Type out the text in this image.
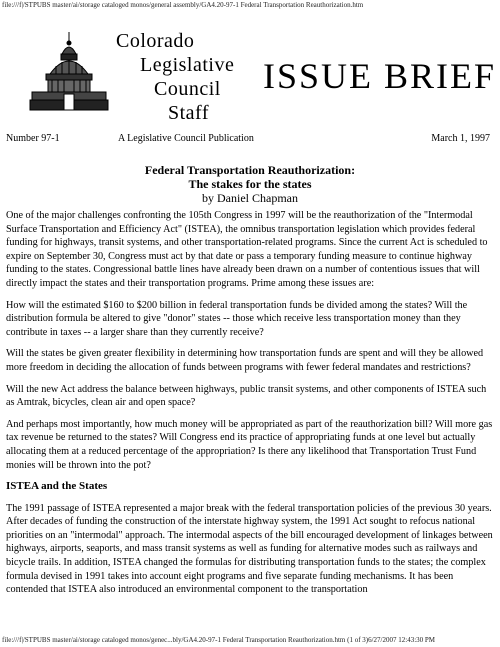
file:///f|/STPUBS master/ai/storage cataloged monos/general assembly/GA4.20-97-1 Federal Transportation Reauthorization.htm
Colorado
Legislative
Council
Staff
ISSUE BRIEF
Number 97-1	A Legislative Council Publication	March 1, 1997
Federal Transportation Reauthorization:
The stakes for the states
by Daniel Chapman

One of the major challenges confronting the 105th Congress in 1997 will be the reauthorization of the "Intermodal Surface Transportation and Efficiency Act" (ISTEA), the omnibus transportation legislation which provides federal funding for highways, transit systems, and other transportation-related programs. Since the current Act is scheduled to expire on September 30, Congress must act by that date or pass a temporary funding measure to continue highway funding to the states. Congressional battle lines have already been drawn on a number of contentious issues that will directly impact the states and their transportation programs. Prime among these issues are:

How will the estimated $160 to $200 billion in federal transportation funds be divided among the states? Will the distribution formula be altered to give "donor" states -- those which receive less transportation money than they contribute in taxes -- a larger share than they currently receive?

Will the states be given greater flexibility in determining how transportation funds are spent and will they be allowed more freedom in deciding the allocation of funds between programs with fewer federal mandates and restrictions?

Will the new Act address the balance between highways, public transit systems, and other components of ISTEA such as Amtrak, bicycles, clean air and open space?

And perhaps most importantly, how much money will be appropriated as part of the reauthorization bill? Will more gas tax revenue be returned to the states? Will Congress end its practice of appropriating funds at one level but actually allocating them at a reduced percentage of the appropriation? Is there any likelihood that Transportation Trust Fund monies will be thrown into the pot?

ISTEA and the States

The 1991 passage of ISTEA represented a major break with the federal transportation policies of the previous 30 years. After decades of funding the construction of the interstate highway system, the 1991 Act sought to refocus national priorities on an "intermodal" approach. The intermodal aspects of the bill encouraged development of linkages between highways, airports, seaports, and mass transit systems as well as funding for alternative modes such as railways and bicycle trails. In addition, ISTEA changed the formulas for distributing transportation funds to the states; the complex formula devised in 1991 takes into account eight programs and five separate funding mechanisms. It has been contended that ISTEA also introduced an environmental component to the transportation

file:///f|/STPUBS master/ai/storage cataloged monos/genec...bly/GA4.20-97-1 Federal Transportation Reauthorization.htm (1 of 3)6/27/2007 12:43:30 PM
